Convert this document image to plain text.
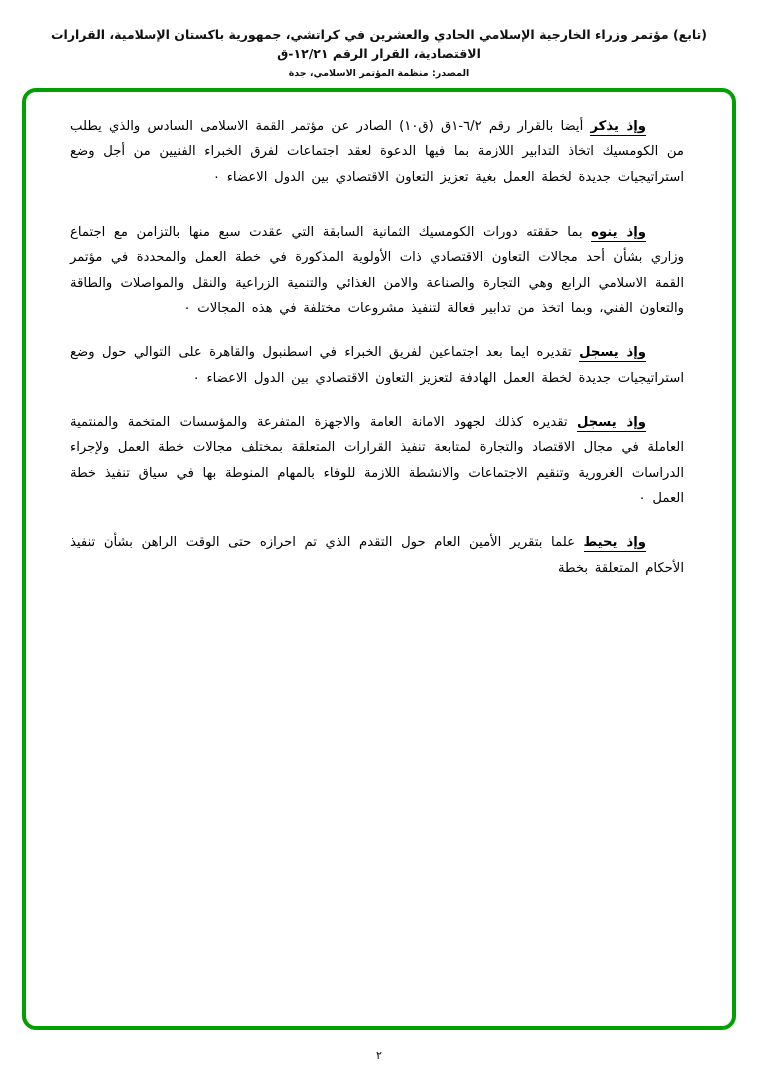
(تابع) مؤتمر وزراء الخارجية الإسلامي الحادي والعشرين في كراتشي، جمهورية باكستان الإسلامية، القرارات الاقتصادية، القرار الرقم ١٢/٢١-ق
المصدر: منظمة المؤتمر الاسلامي، جدة

وإذ يذكر أيضا بالقرار رقم ٦/٢-١ق (ق١٠) الصادر عن مؤتمر القمة الاسلامى السادس والذي يطلب من الكومسيك اتخاذ التدابير اللازمة بما فيها الدعوة لعقد اجتماعات لفرق الخبراء الفنيين من أجل وضع استراتيجيات جديدة لخطة العمل بغية تعزيز التعاون الاقتصادي بين الدول الاعضاء ٠

وإذ ينوه بما حققته دورات الكومسيك الثمانية السابقة التي عقدت سبع منها بالتزامن مع اجتماع وزاري بشأن أحد مجالات التعاون الاقتصادي ذات الأولوية المذكورة في خطة العمل والمحددة في مؤتمر القمة الاسلامي الرابع وهي التجارة والصناعة والامن الغذائي والتنمية الزراعية والنقل والمواصلات والطاقة والتعاون الفني، وبما اتخذ من تدابير فعالة لتنفيذ مشروعات مختلفة في هذه المجالات ٠

وإذ يسجل تقديره ايما بعد اجتماعين لفريق الخبراء في اسطنبول والقاهرة على التوالي حول وضع استراتيجيات جديدة لخطة العمل الهادفة لتعزيز التعاون الاقتصادي بين الدول الاعضاء ٠

وإذ يسجل تقديره كذلك لجهود الامانة العامة والاجهزة المتفرعة والمؤسسات المتخمة والمنتمية العاملة في مجال الاقتصاد والتجارة لمتابعة تنفيذ القرارات المتعلقة بمختلف مجالات خطة العمل ولإجراء الدراسات الغرورية وتنقيم الاجتماعات والانشطة اللازمة للوفاء بالمهام المنوطة بها في سياق تنفيذ خطة العمل ٠

وإذ يحيط علما بتقرير الأمين العام حول التقدم الذي تم احرازه حتى الوقت الراهن بشأن تنفيذ الأحكام المتعلقة بخطة

٢
